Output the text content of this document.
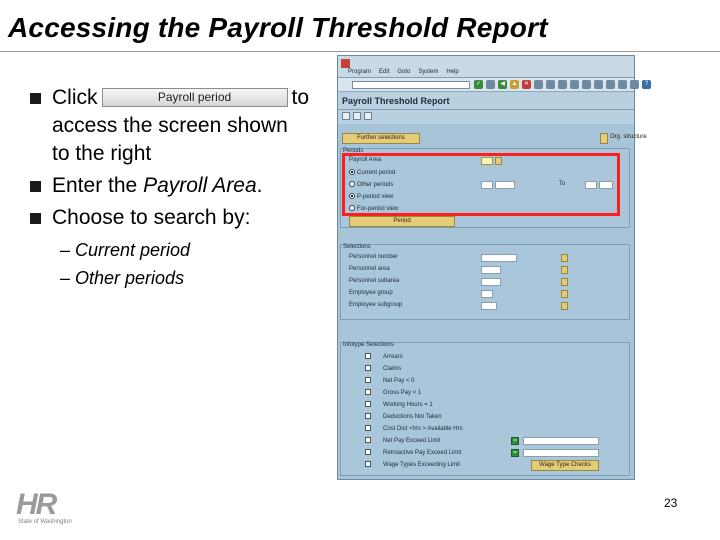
Accessing the Payroll Threshold Report
Click	Payroll period	to
access the screen shown
to the right
Enter the Payroll Area.
Choose to search by:
– Current period
– Other periods
Program Edit Goto System Help
✓	◀	▲	✕	?
Payroll Threshold Report
Further selections	Org. structure
Periods
Payroll Area
Current period
Other periods	To
P-period view
For-period view
Period
Selections
Personnel number
Personnel area
Personnel subarea
Employee group
Employee subgroup
Infotype Selections
Arrears
Claims
Net Pay < 0
Gross Pay < 1
Working Hours = 1
Deductions Not Taken
Cost Dist <hrs > Available Hrs
Net Pay Exceed Limit	=
Retroactive Pay Exceed Limit	=
Wage Types Exceeding Limit	Wage Type Checks
HR
State of Washington
23
